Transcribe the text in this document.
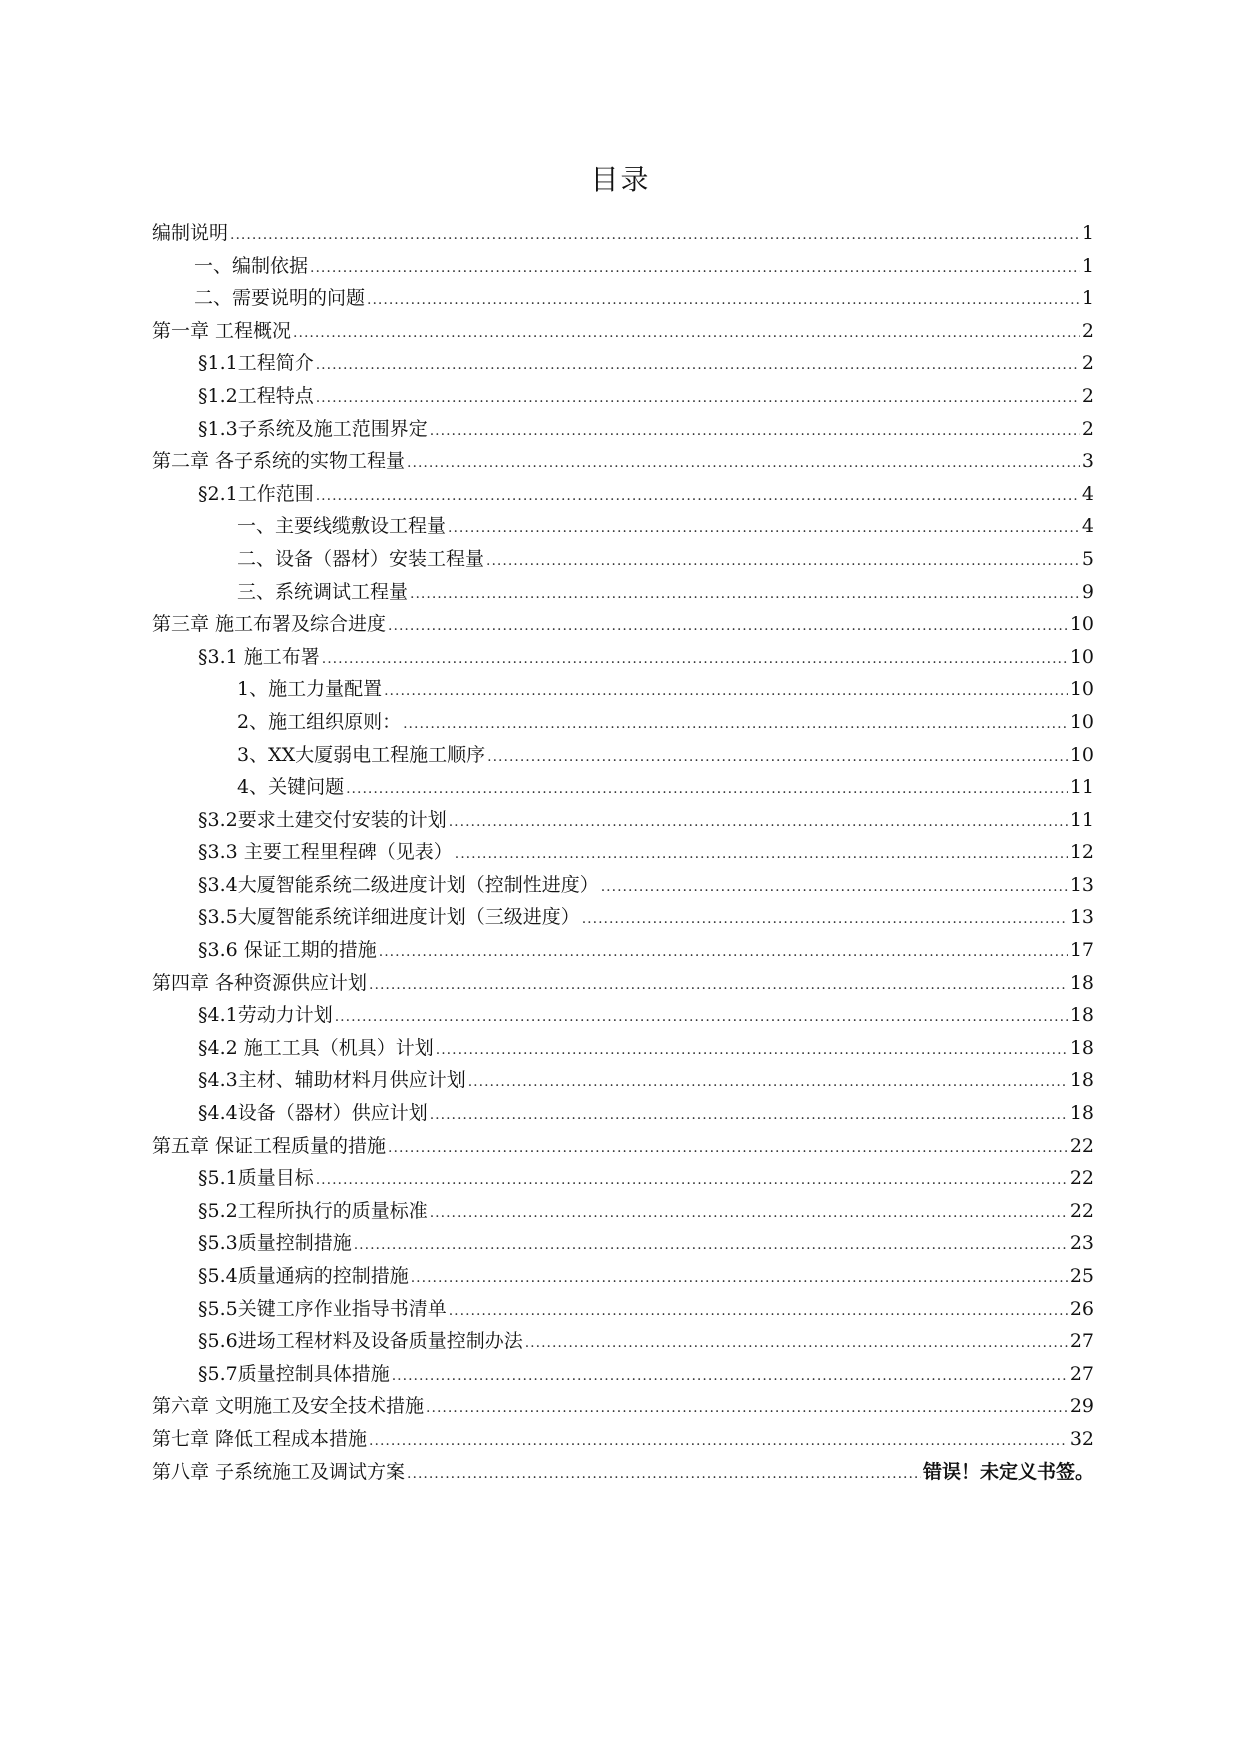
目录
编制说明 .....	1
一、编制依据 .....	1
二、需要说明的问题 .....	1
第一章 工程概况 .....	2
§1.1工程简介 .....	2
§1.2工程特点 .....	2
§1.3子系统及施工范围界定 .....	2
第二章 各子系统的实物工程量 .....	3
§2.1工作范围 .....	4
一、主要线缆敷设工程量 .....	4
二、设备（器材）安装工程量 .....	5
三、系统调试工程量 .....	9
第三章 施工布署及综合进度 .....	10
§3.1 施工布署 .....	10
1、施工力量配置 .....	10
2、施工组织原则： .....	10
3、XX大厦弱电工程施工顺序 .....	10
4、关键问题 .....	11
§3.2要求土建交付安装的计划 .....	11
§3.3 主要工程里程碑（见表） .....	12
§3.4大厦智能系统二级进度计划（控制性进度） .....	13
§3.5大厦智能系统详细进度计划（三级进度） .....	13
§3.6 保证工期的措施 .....	17
第四章 各种资源供应计划 .....	18
§4.1劳动力计划 .....	18
§4.2 施工工具（机具）计划 .....	18
§4.3主材、辅助材料月供应计划 .....	18
§4.4设备（器材）供应计划 .....	18
第五章 保证工程质量的措施 .....	22
§5.1质量目标 .....	22
§5.2工程所执行的质量标准 .....	22
§5.3质量控制措施 .....	23
§5.4质量通病的控制措施 .....	25
§5.5关键工序作业指导书清单 .....	26
§5.6进场工程材料及设备质量控制办法 .....	27
§5.7质量控制具体措施 .....	27
第六章 文明施工及安全技术措施 .....	29
第七章 降低工程成本措施 .....	32
第八章 子系统施工及调试方案 .....	错误！未定义书签。
